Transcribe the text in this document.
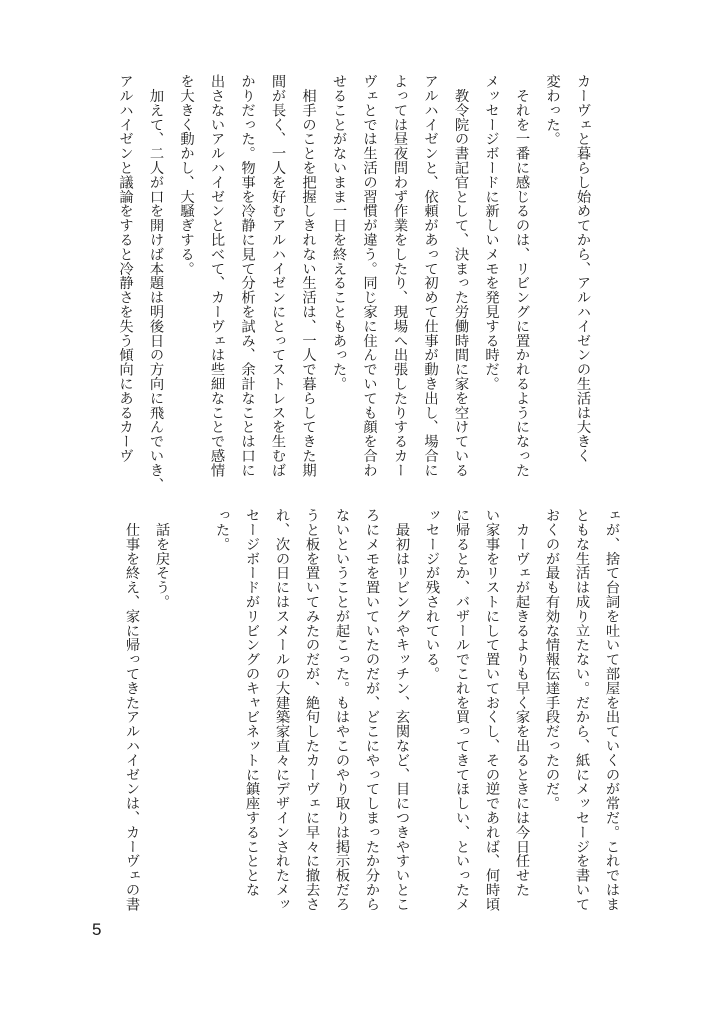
カーヴェと暮らし始めてから、アルハイゼンの生活は大きく
変わった。
　それを一番に感じるのは、リビングに置かれるようになった
メッセージボードに新しいメモを発見する時だ。
　教令院の書記官として、決まった労働時間に家を空けている
アルハイゼンと、依頼があって初めて仕事が動き出し、場合に
よっては昼夜問わず作業をしたり、現場へ出張したりするカー
ヴェとでは生活の習慣が違う。同じ家に住んでいても顔を合わ
せることがないまま一日を終えることもあった。
　相手のことを把握しきれない生活は、一人で暮らしてきた期
間が長く、一人を好むアルハイゼンにとってストレスを生むば
かりだった。物事を冷静に見て分析を試み、余計なことは口に
出さないアルハイゼンと比べて、カーヴェは些細なことで感情
を大きく動かし、大騒ぎする。
　加えて、二人が口を開けば本題は明後日の方向に飛んでいき、
アルハイゼンと議論をすると冷静さを失う傾向にあるカーヴ
ェが、捨て台詞を吐いて部屋を出ていくのが常だ。これではま
ともな生活は成り立たない。だから、紙にメッセージを書いて
おくのが最も有効な情報伝達手段だったのだ。
　カーヴェが起きるよりも早く家を出るときには今日任せた
い家事をリストにして置いておくし、その逆であれば、何時頃
に帰るとか、バザールでこれを買ってきてほしい、といったメ
ッセージが残されている。
　最初はリビングやキッチン、玄関など、目につきやすいとこ
ろにメモを置いていたのだが、どこにやってしまったか分から
ないということが起こった。もはやこのやり取りは掲示板だろ
うと板を置いてみたのだが、絶句したカーヴェに早々に撤去さ
れ、次の日にはスメールの大建築家直々にデザインされたメッ
セージボードがリビングのキャビネットに鎮座することとな
った。
　話を戻そう。
　仕事を終え、家に帰ってきたアルハイゼンは、カーヴェの書
5
